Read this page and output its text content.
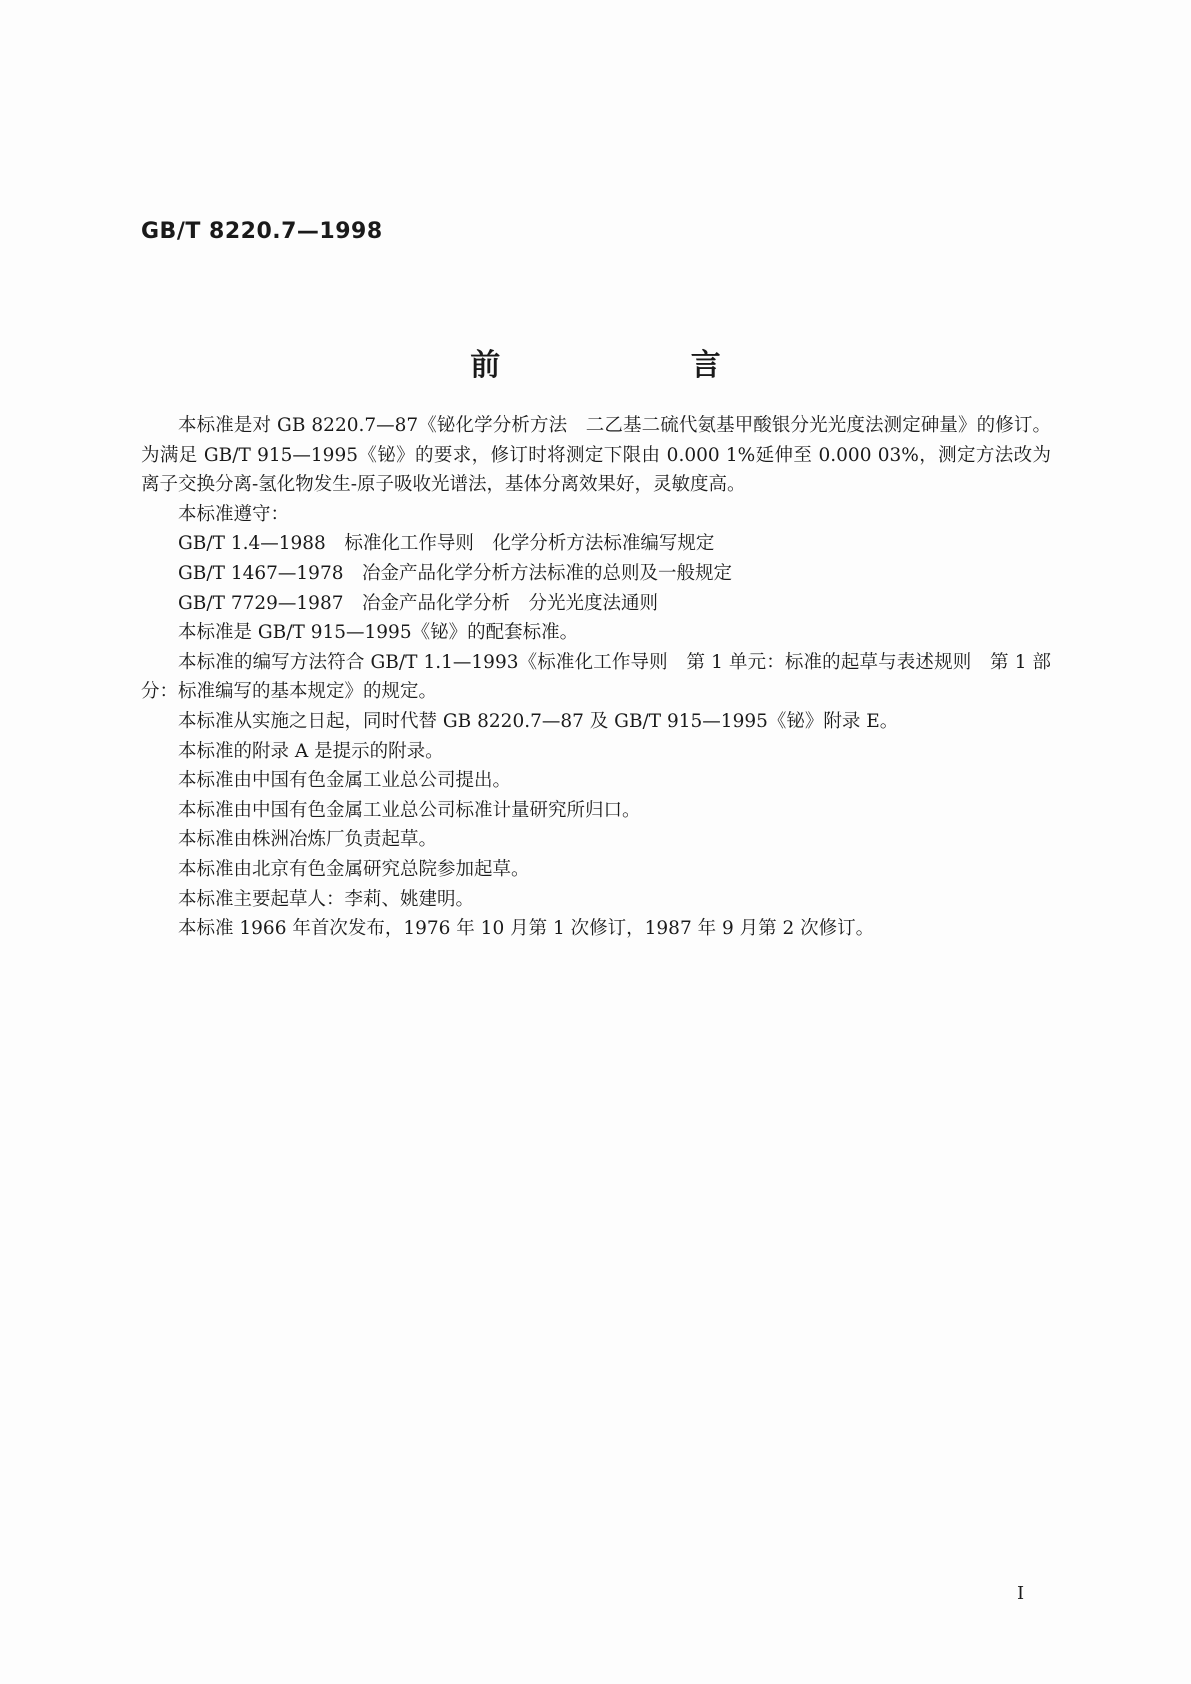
GB/T 8220.7—1998
前 言

本标准是对 GB 8220.7—87《铋化学分析方法　二乙基二硫代氨基甲酸银分光光度法测定砷量》的修订。为满足 GB/T 915—1995《铋》的要求，修订时将测定下限由 0.000 1%延伸至 0.000 03%，测定方法改为离子交换分离-氢化物发生-原子吸收光谱法，基体分离效果好，灵敏度高。

本标准遵守：

GB/T 1.4—1988　标准化工作导则　化学分析方法标准编写规定

GB/T 1467—1978　冶金产品化学分析方法标准的总则及一般规定

GB/T 7729—1987　冶金产品化学分析　分光光度法通则

本标准是 GB/T 915—1995《铋》的配套标准。

本标准的编写方法符合 GB/T 1.1—1993《标准化工作导则　第 1 单元：标准的起草与表述规则　第 1 部分：标准编写的基本规定》的规定。

本标准从实施之日起，同时代替 GB 8220.7—87 及 GB/T 915—1995《铋》附录 E。

本标准的附录 A 是提示的附录。

本标准由中国有色金属工业总公司提出。

本标准由中国有色金属工业总公司标准计量研究所归口。

本标准由株洲冶炼厂负责起草。

本标准由北京有色金属研究总院参加起草。

本标准主要起草人：李莉、姚建明。

本标准 1966 年首次发布，1976 年 10 月第 1 次修订，1987 年 9 月第 2 次修订。

I
